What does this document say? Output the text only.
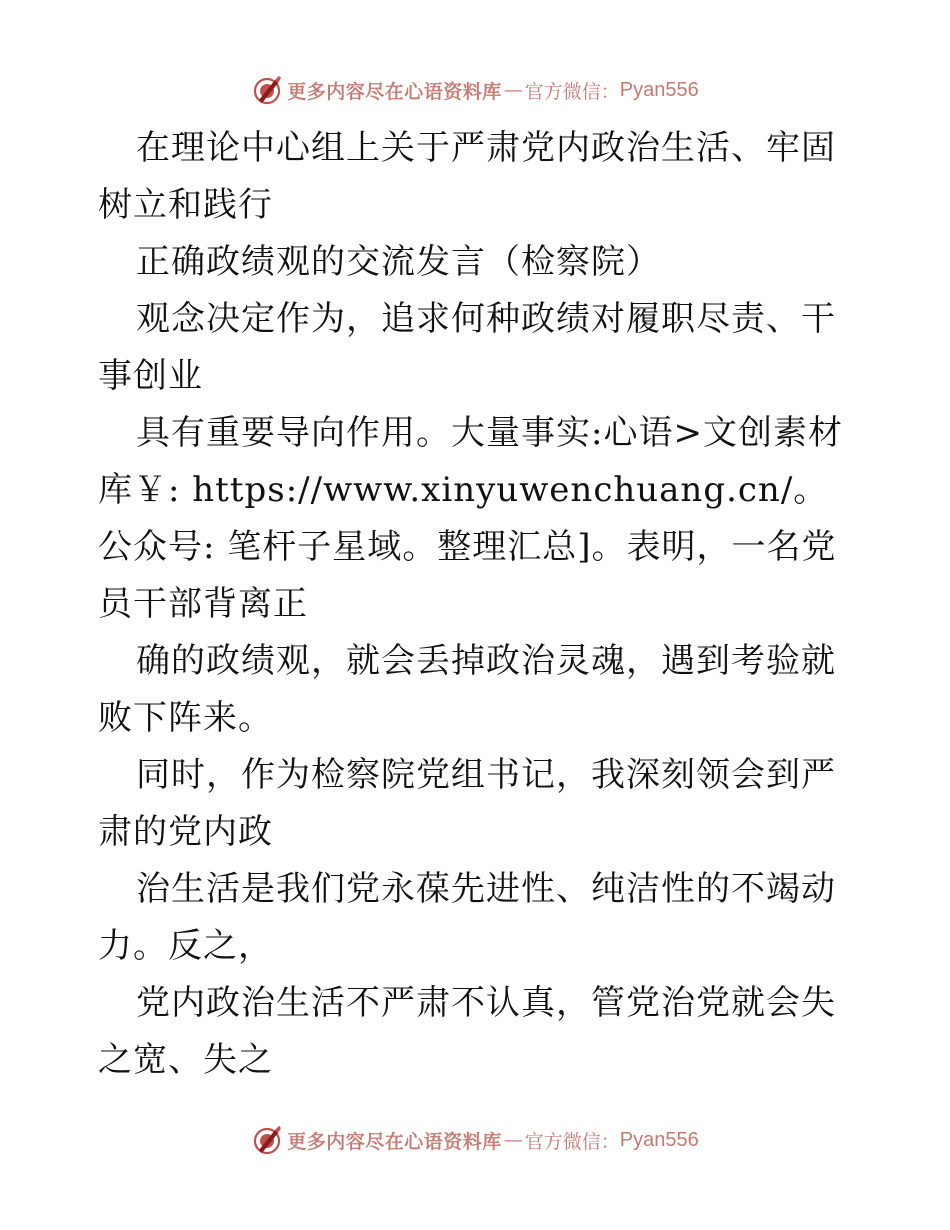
更多内容尽在心语资料库 — 官方微信： Pyan556

在理论中心组上关于严肃党内政治生活、牢固树立和践行

正确政绩观的交流发言（检察院）

观念决定作为，追求何种政绩对履职尽责、干事创业

具有重要导向作用。大量事实:心语>文创素材库￥: https://www.xinyuwenchuang.cn/。公众号: 笔杆子星域。整理汇总]。表明，一名党员干部背离正

确的政绩观，就会丢掉政治灵魂，遇到考验就败下阵来。

同时，作为检察院党组书记，我深刻领会到严肃的党内政

治生活是我们党永葆先进性、纯洁性的不竭动力。反之，

党内政治生活不严肃不认真，管党治党就会失之宽、失之

更多内容尽在心语资料库 — 官方微信： Pyan556
